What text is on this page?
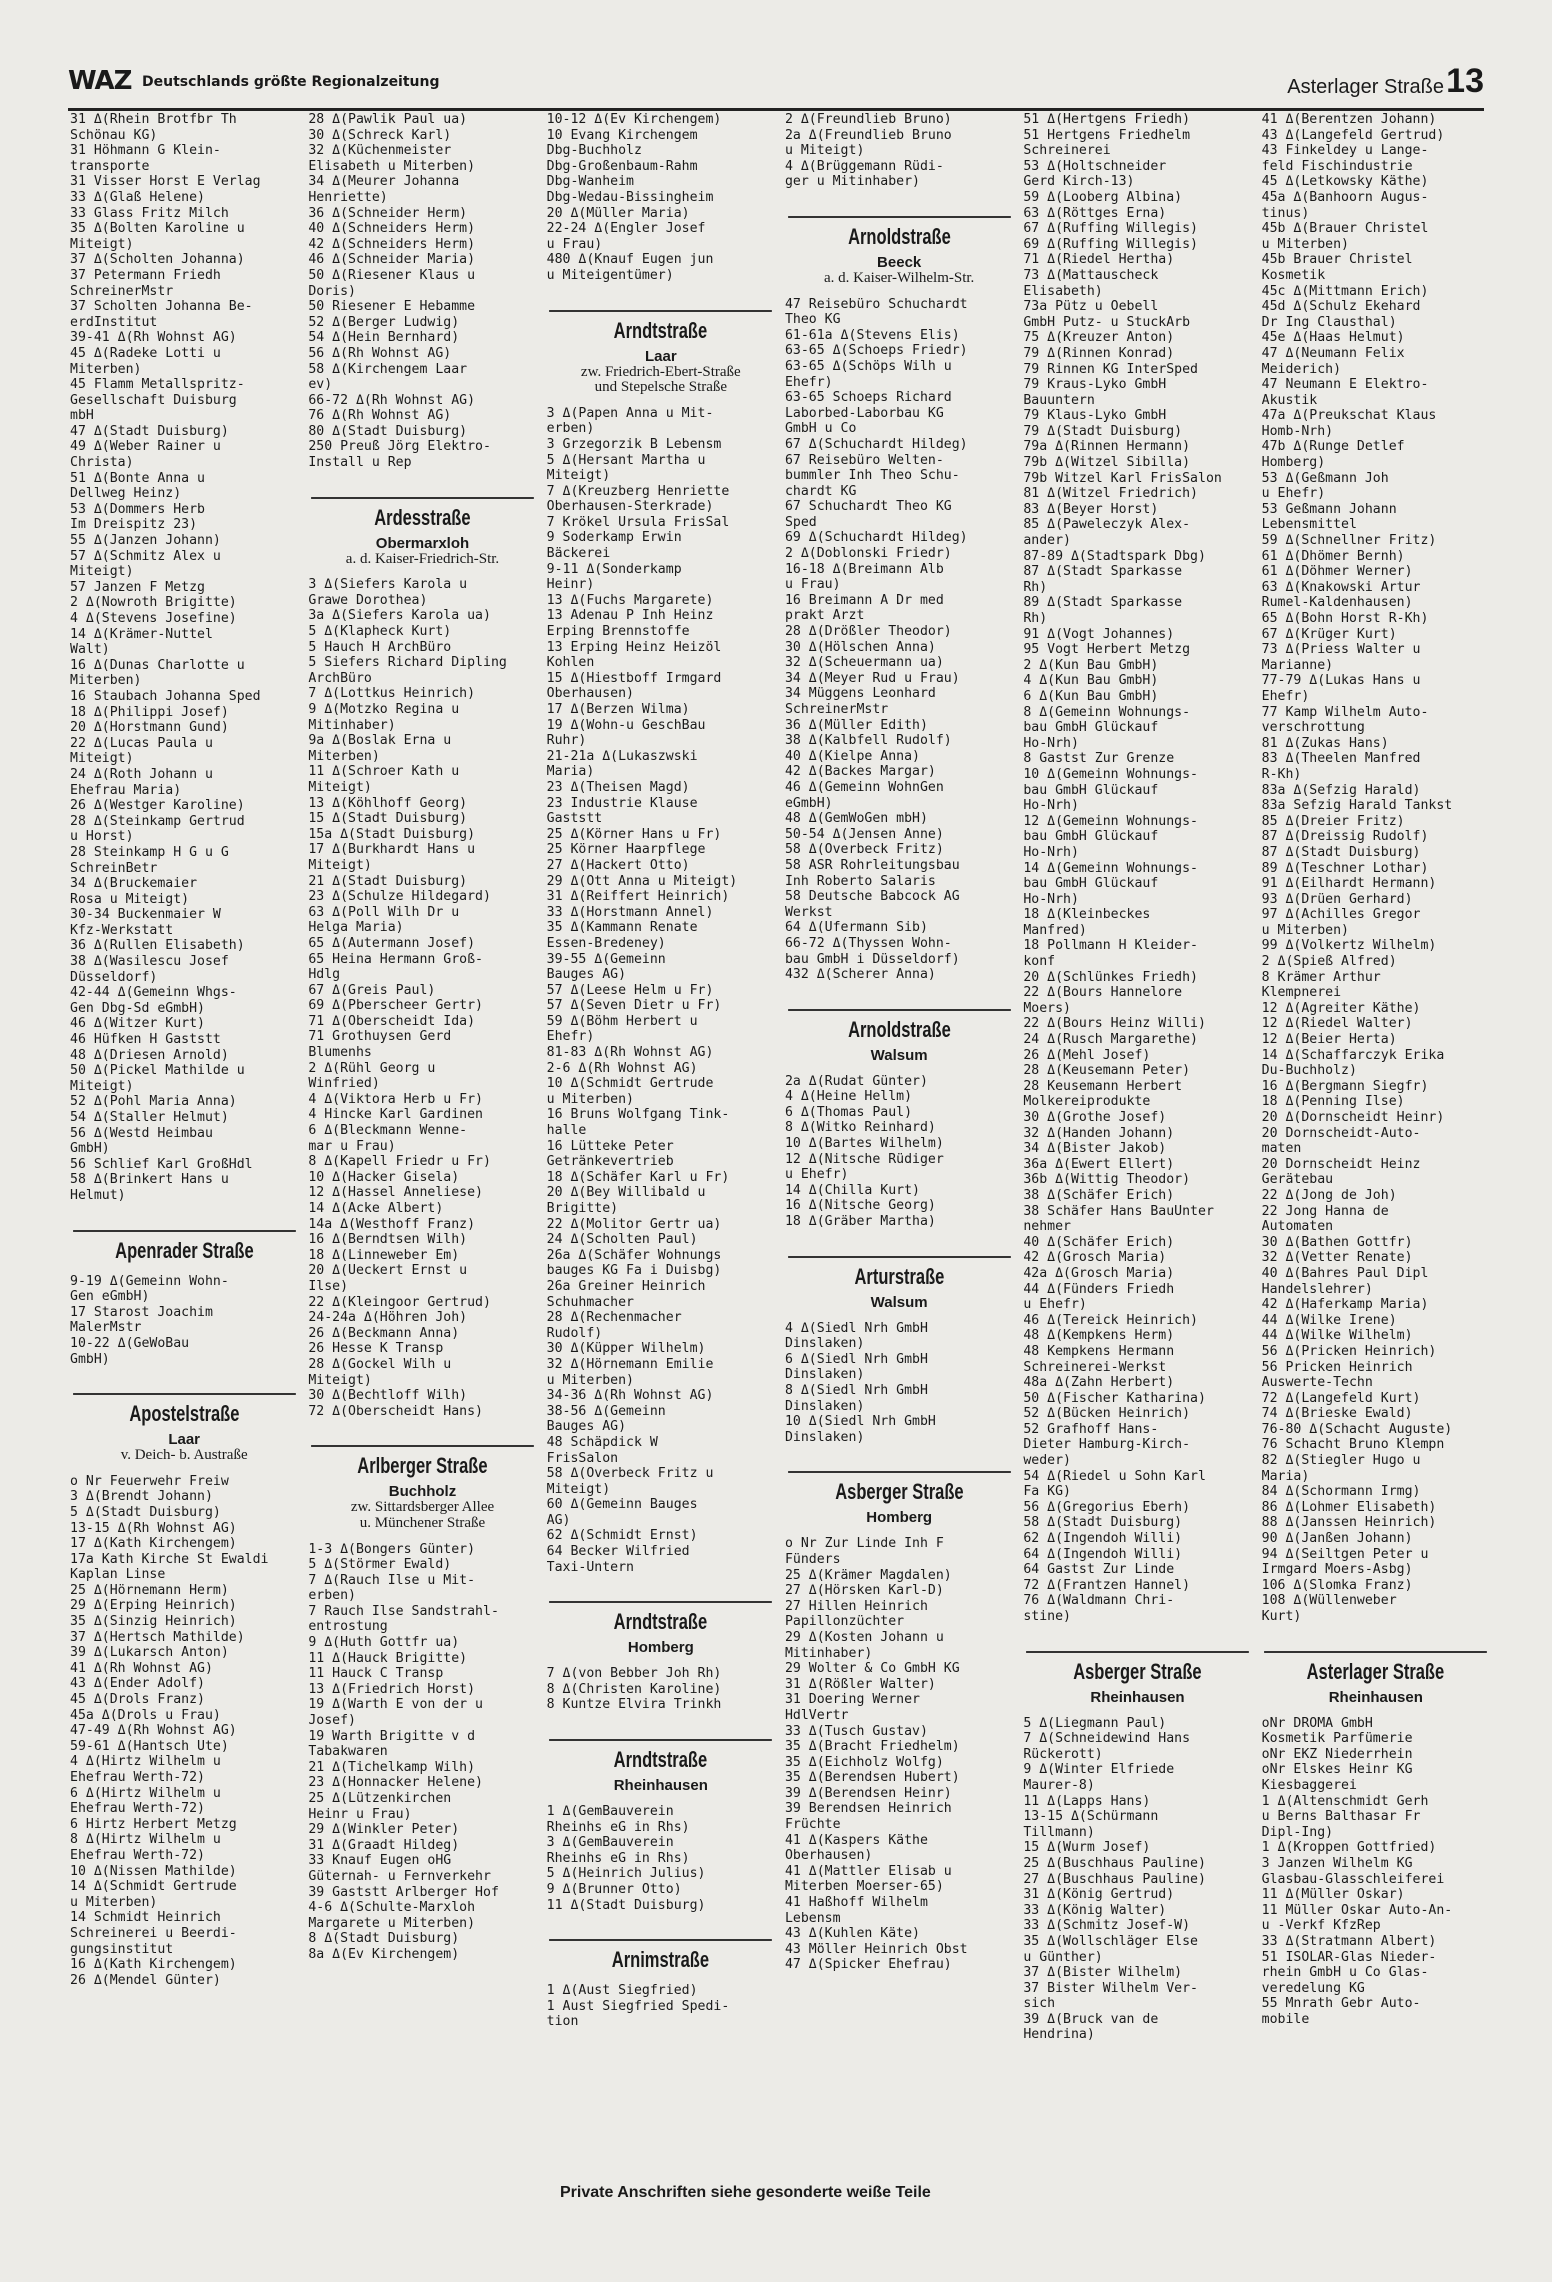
WAZ Deutschlands größte Regionalzeitung	Asterlager Straße 13
31 Δ(Rhein Brotfbr Th
Schönau KG)
31 Höhmann G Klein-
transporte
31 Visser Horst E Verlag
33 Δ(Glaß Helene)
33 Glass Fritz Milch
35 Δ(Bolten Karoline u
Miteigt)
37 Δ(Scholten Johanna)
37 Petermann Friedh
SchreinerMstr
37 Scholten Johanna Be-
erdInstitut
39-41 Δ(Rh Wohnst AG)
45 Δ(Radeke Lotti u
Miterben)
45 Flamm Metallspritz-
Gesellschaft Duisburg
mbH
47 Δ(Stadt Duisburg)
49 Δ(Weber Rainer u
Christa)
51 Δ(Bonte Anna u
Dellweg Heinz)
53 Δ(Dommers Herb
Im Dreispitz 23)
55 Δ(Janzen Johann)
57 Δ(Schmitz Alex u
Miteigt)
57 Janzen F Metzg
2 Δ(Nowroth Brigitte)
4 Δ(Stevens Josefine)
14 Δ(Krämer-Nuttel
Walt)
16 Δ(Dunas Charlotte u
Miterben)
16 Staubach Johanna Sped
18 Δ(Philippi Josef)
20 Δ(Horstmann Gund)
22 Δ(Lucas Paula u
Miteigt)
24 Δ(Roth Johann u
Ehefrau Maria)
26 Δ(Westger Karoline)
28 Δ(Steinkamp Gertrud
u Horst)
28 Steinkamp H G u G
SchreinBetr
34 Δ(Bruckemaier
Rosa u Miteigt)
30-34 Buckenmaier W
Kfz-Werkstatt
36 Δ(Rullen Elisabeth)
38 Δ(Wasilescu Josef
Düsseldorf)
42-44 Δ(Gemeinn Whgs-
Gen Dbg-Sd eGmbH)
46 Δ(Witzer Kurt)
46 Hüfken H Gaststt
48 Δ(Driesen Arnold)
50 Δ(Pickel Mathilde u
Miteigt)
52 Δ(Pohl Maria Anna)
54 Δ(Staller Helmut)
56 Δ(Westd Heimbau
GmbH)
56 Schlief Karl GroßHdl
58 Δ(Brinkert Hans u
Helmut)
Apenrader Straße
9-19 Δ(Gemeinn Wohn-
Gen eGmbH)
17 Starost Joachim
MalerMstr
10-22 Δ(GeWoBau
GmbH)
Apostelstraße
Laar
v. Deich- b. Austraße
o Nr Feuerwehr Freiw
3 Δ(Brendt Johann)
5 Δ(Stadt Duisburg)
13-15 Δ(Rh Wohnst AG)
17 Δ(Kath Kirchengem)
17a Kath Kirche St Ewaldi
Kaplan Linse
25 Δ(Hörnemann Herm)
29 Δ(Erping Heinrich)
35 Δ(Sinzig Heinrich)
37 Δ(Hertsch Mathilde)
39 Δ(Lukarsch Anton)
41 Δ(Rh Wohnst AG)
43 Δ(Ender Adolf)
45 Δ(Drols Franz)
45a Δ(Drols u Frau)
47-49 Δ(Rh Wohnst AG)
59-61 Δ(Hantsch Ute)
4 Δ(Hirtz Wilhelm u
Ehefrau Werth-72)
6 Δ(Hirtz Wilhelm u
Ehefrau Werth-72)
6 Hirtz Herbert Metzg
8 Δ(Hirtz Wilhelm u
Ehefrau Werth-72)
10 Δ(Nissen Mathilde)
14 Δ(Schmidt Gertrude
u Miterben)
14 Schmidt Heinrich
Schreinerei u Beerdi-
gungsinstitut
16 Δ(Kath Kirchengem)
26 Δ(Mendel Günter)
28 Δ(Pawlik Paul ua)
30 Δ(Schreck Karl)
32 Δ(Küchenmeister
Elisabeth u Miterben)
34 Δ(Meurer Johanna
Henriette)
36 Δ(Schneider Herm)
40 Δ(Schneiders Herm)
42 Δ(Schneiders Herm)
46 Δ(Schneider Maria)
50 Δ(Riesener Klaus u
Doris)
50 Riesener E Hebamme
52 Δ(Berger Ludwig)
54 Δ(Hein Bernhard)
56 Δ(Rh Wohnst AG)
58 Δ(Kirchengem Laar
ev)
66-72 Δ(Rh Wohnst AG)
76 Δ(Rh Wohnst AG)
80 Δ(Stadt Duisburg)
250 Preuß Jörg Elektro-
Install u Rep
Ardesstraße
Obermarxloh
a. d. Kaiser-Friedrich-Str.
3 Δ(Siefers Karola u
Grawe Dorothea)
3a Δ(Siefers Karola ua)
5 Δ(Klapheck Kurt)
5 Hauch H ArchBüro
5 Siefers Richard Dipling
ArchBüro
7 Δ(Lottkus Heinrich)
9 Δ(Motzko Regina u
Mitinhaber)
9a Δ(Boslak Erna u
Miterben)
11 Δ(Schroer Kath u
Miteigt)
13 Δ(Köhlhoff Georg)
15 Δ(Stadt Duisburg)
15a Δ(Stadt Duisburg)
17 Δ(Burkhardt Hans u
Miteigt)
21 Δ(Stadt Duisburg)
23 Δ(Schulze Hildegard)
63 Δ(Poll Wilh Dr u
Helga Maria)
65 Δ(Autermann Josef)
65 Heina Hermann Groß-
Hdlg
67 Δ(Greis Paul)
69 Δ(Pberscheer Gertr)
71 Δ(Oberscheidt Ida)
71 Grothuysen Gerd
Blumenhs
2 Δ(Rühl Georg u
Winfried)
4 Δ(Viktora Herb u Fr)
4 Hincke Karl Gardinen
6 Δ(Bleckmann Wenne-
mar u Frau)
8 Δ(Kapell Friedr u Fr)
10 Δ(Hacker Gisela)
12 Δ(Hassel Anneliese)
14 Δ(Acke Albert)
14a Δ(Westhoff Franz)
16 Δ(Berndtsen Wilh)
18 Δ(Linneweber Em)
20 Δ(Ueckert Ernst u
Ilse)
22 Δ(Kleingoor Gertrud)
24-24a Δ(Höhren Joh)
26 Δ(Beckmann Anna)
26 Hesse K Transp
28 Δ(Gockel Wilh u
Miteigt)
30 Δ(Bechtloff Wilh)
72 Δ(Oberscheidt Hans)
Arlberger Straße
Buchholz
zw. Sittardsberger Allee
u. Münchener Straße
1-3 Δ(Bongers Günter)
5 Δ(Störmer Ewald)
7 Δ(Rauch Ilse u Mit-
erben)
7 Rauch Ilse Sandstrahl-
entrostung
9 Δ(Huth Gottfr ua)
11 Δ(Hauck Brigitte)
11 Hauck C Transp
13 Δ(Friedrich Horst)
19 Δ(Warth E von der u
Josef)
19 Warth Brigitte v d
Tabakwaren
21 Δ(Tichelkamp Wilh)
23 Δ(Honnacker Helene)
25 Δ(Lützenkirchen
Heinr u Frau)
29 Δ(Winkler Peter)
31 Δ(Graadt Hildeg)
33 Knauf Eugen oHG
Güternah- u Fernverkehr
39 Gaststt Arlberger Hof
4-6 Δ(Schulte-Marxloh
Margarete u Miterben)
8 Δ(Stadt Duisburg)
8a Δ(Ev Kirchengem)
10-12 Δ(Ev Kirchengem)
10 Evang Kirchengem
Dbg-Buchholz
Dbg-Großenbaum-Rahm
Dbg-Wanheim
Dbg-Wedau-Bissingheim
20 Δ(Müller Maria)
22-24 Δ(Engler Josef
u Frau)
480 Δ(Knauf Eugen jun
u Miteigentümer)
Arndtstraße
Laar
zw. Friedrich-Ebert-Straße
und Stepelsche Straße
3 Δ(Papen Anna u Mit-
erben)
3 Grzegorzik B Lebensm
5 Δ(Hersant Martha u
Miteigt)
7 Δ(Kreuzberg Henriette
Oberhausen-Sterkrade)
7 Krökel Ursula FrisSal
9 Soderkamp Erwin
Bäckerei
9-11 Δ(Sonderkamp
Heinr)
13 Δ(Fuchs Margarete)
13 Adenau P Inh Heinz
Erping Brennstoffe
13 Erping Heinz Heizöl
Kohlen
15 Δ(Hiestboff Irmgard
Oberhausen)
17 Δ(Berzen Wilma)
19 Δ(Wohn-u GeschBau
Ruhr)
21-21a Δ(Lukaszwski
Maria)
23 Δ(Theisen Magd)
23 Industrie Klause
Gaststt
25 Δ(Körner Hans u Fr)
25 Körner Haarpflege
27 Δ(Hackert Otto)
29 Δ(Ott Anna u Miteigt)
31 Δ(Reiffert Heinrich)
33 Δ(Horstmann Annel)
35 Δ(Kammann Renate
Essen-Bredeney)
39-55 Δ(Gemeinn
Bauges AG)
57 Δ(Leese Helm u Fr)
57 Δ(Seven Dietr u Fr)
59 Δ(Böhm Herbert u
Ehefr)
81-83 Δ(Rh Wohnst AG)
2-6 Δ(Rh Wohnst AG)
10 Δ(Schmidt Gertrude
u Miterben)
16 Bruns Wolfgang Tink-
halle
16 Lütteke Peter
Getränkevertrieb
18 Δ(Schäfer Karl u Fr)
20 Δ(Bey Willibald u
Brigitte)
22 Δ(Molitor Gertr ua)
24 Δ(Scholten Paul)
26a Δ(Schäfer Wohnungs
bauges KG Fa i Duisbg)
26a Greiner Heinrich
Schuhmacher
28 Δ(Rechenmacher
Rudolf)
30 Δ(Küpper Wilhelm)
32 Δ(Hörnemann Emilie
u Miterben)
34-36 Δ(Rh Wohnst AG)
38-56 Δ(Gemeinn
Bauges AG)
48 Schäpdick W
FrisSalon
58 Δ(Overbeck Fritz u
Miteigt)
60 Δ(Gemeinn Bauges
AG)
62 Δ(Schmidt Ernst)
64 Becker Wilfried
Taxi-Untern
Arndtstraße
Homberg
7 Δ(von Bebber Joh Rh)
8 Δ(Christen Karoline)
8 Kuntze Elvira Trinkh
Arndtstraße
Rheinhausen
1 Δ(GemBauverein
Rheinhs eG in Rhs)
3 Δ(GemBauverein
Rheinhs eG in Rhs)
5 Δ(Heinrich Julius)
9 Δ(Brunner Otto)
11 Δ(Stadt Duisburg)
Arnimstraße
1 Δ(Aust Siegfried)
1 Aust Siegfried Spedi-
tion
2 Δ(Freundlieb Bruno)
2a Δ(Freundlieb Bruno
u Miteigt)
4 Δ(Brüggemann Rüdi-
ger u Mitinhaber)
Arnoldstraße
Beeck
a. d. Kaiser-Wilhelm-Str.
47 Reisebüro Schuchardt
Theo KG
61-61a Δ(Stevens Elis)
63-65 Δ(Schoeps Friedr)
63-65 Δ(Schöps Wilh u
Ehefr)
63-65 Schoeps Richard
Laborbed-Laborbau KG
GmbH u Co
67 Δ(Schuchardt Hildeg)
67 Reisebüro Welten-
bummler Inh Theo Schu-
chardt KG
67 Schuchardt Theo KG
Sped
69 Δ(Schuchardt Hildeg)
2 Δ(Doblonski Friedr)
16-18 Δ(Breimann Alb
u Frau)
16 Breimann A Dr med
prakt Arzt
28 Δ(Drößler Theodor)
30 Δ(Hölschen Anna)
32 Δ(Scheuermann ua)
34 Δ(Meyer Rud u Frau)
34 Müggens Leonhard
SchreinerMstr
36 Δ(Müller Edith)
38 Δ(Kalbfell Rudolf)
40 Δ(Kielpe Anna)
42 Δ(Backes Margar)
46 Δ(Gemeinn WohnGen
eGmbH)
48 Δ(GemWoGen mbH)
50-54 Δ(Jensen Anne)
58 Δ(Overbeck Fritz)
58 ASR Rohrleitungsbau
Inh Roberto Salaris
58 Deutsche Babcock AG
Werkst
64 Δ(Ufermann Sib)
66-72 Δ(Thyssen Wohn-
bau GmbH i Düsseldorf)
432 Δ(Scherer Anna)
Arnoldstraße
Walsum
2a Δ(Rudat Günter)
4 Δ(Heine Hellm)
6 Δ(Thomas Paul)
8 Δ(Witko Reinhard)
10 Δ(Bartes Wilhelm)
12 Δ(Nitsche Rüdiger
u Ehefr)
14 Δ(Chilla Kurt)
16 Δ(Nitsche Georg)
18 Δ(Gräber Martha)
Arturstraße
Walsum
4 Δ(Siedl Nrh GmbH
Dinslaken)
6 Δ(Siedl Nrh GmbH
Dinslaken)
8 Δ(Siedl Nrh GmbH
Dinslaken)
10 Δ(Siedl Nrh GmbH
Dinslaken)
Asberger Straße
Homberg
o Nr Zur Linde Inh F
Fünders
25 Δ(Krämer Magdalen)
27 Δ(Hörsken Karl-D)
27 Hillen Heinrich
Papillonzüchter
29 Δ(Kosten Johann u
Mitinhaber)
29 Wolter & Co GmbH KG
31 Δ(Rößler Walter)
31 Doering Werner
HdlVertr
33 Δ(Tusch Gustav)
35 Δ(Bracht Friedhelm)
35 Δ(Eichholz Wolfg)
35 Δ(Berendsen Hubert)
39 Δ(Berendsen Heinr)
39 Berendsen Heinrich
Früchte
41 Δ(Kaspers Käthe
Oberhausen)
41 Δ(Mattler Elisab u
Miterben Moerser-65)
41 Haßhoff Wilhelm
Lebensm
43 Δ(Kuhlen Käte)
43 Möller Heinrich Obst
47 Δ(Spicker Ehefrau)
51 Δ(Hertgens Friedh)
51 Hertgens Friedhelm
Schreinerei
53 Δ(Holtschneider
Gerd Kirch-13)
59 Δ(Looberg Albina)
63 Δ(Röttges Erna)
67 Δ(Ruffing Willegis)
69 Δ(Ruffing Willegis)
71 Δ(Riedel Hertha)
73 Δ(Mattauscheck
Elisabeth)
73a Pütz u Oebell
GmbH Putz- u StuckArb
75 Δ(Kreuzer Anton)
79 Δ(Rinnen Konrad)
79 Rinnen KG InterSped
79 Kraus-Lyko GmbH
Bauuntern
79 Klaus-Lyko GmbH
79 Δ(Stadt Duisburg)
79a Δ(Rinnen Hermann)
79b Δ(Witzel Sibilla)
79b Witzel Karl FrisSalon
81 Δ(Witzel Friedrich)
83 Δ(Beyer Horst)
85 Δ(Paweleczyk Alex-
ander)
87-89 Δ(Stadtspark Dbg)
87 Δ(Stadt Sparkasse
Rh)
89 Δ(Stadt Sparkasse
Rh)
91 Δ(Vogt Johannes)
95 Vogt Herbert Metzg
2 Δ(Kun Bau GmbH)
4 Δ(Kun Bau GmbH)
6 Δ(Kun Bau GmbH)
8 Δ(Gemeinn Wohnungs-
bau GmbH Glückauf
Ho-Nrh)
8 Gastst Zur Grenze
10 Δ(Gemeinn Wohnungs-
bau GmbH Glückauf
Ho-Nrh)
12 Δ(Gemeinn Wohnungs-
bau GmbH Glückauf
Ho-Nrh)
14 Δ(Gemeinn Wohnungs-
bau GmbH Glückauf
Ho-Nrh)
18 Δ(Kleinbeckes
Manfred)
18 Pollmann H Kleider-
konf
20 Δ(Schlünkes Friedh)
22 Δ(Bours Hannelore
Moers)
22 Δ(Bours Heinz Willi)
24 Δ(Rusch Margarethe)
26 Δ(Mehl Josef)
28 Δ(Keusemann Peter)
28 Keusemann Herbert
Molkereiprodukte
30 Δ(Grothe Josef)
32 Δ(Handen Johann)
34 Δ(Bister Jakob)
36a Δ(Ewert Ellert)
36b Δ(Wittig Theodor)
38 Δ(Schäfer Erich)
38 Schäfer Hans BauUnter
nehmer
40 Δ(Schäfer Erich)
42 Δ(Grosch Maria)
42a Δ(Grosch Maria)
44 Δ(Fünders Friedh
u Ehefr)
46 Δ(Tereick Heinrich)
48 Δ(Kempkens Herm)
48 Kempkens Hermann
Schreinerei-Werkst
48a Δ(Zahn Herbert)
50 Δ(Fischer Katharina)
52 Δ(Bücken Heinrich)
52 Grafhoff Hans-
Dieter Hamburg-Kirch-
weder)
54 Δ(Riedel u Sohn Karl
Fa KG)
56 Δ(Gregorius Eberh)
58 Δ(Stadt Duisburg)
62 Δ(Ingendoh Willi)
64 Δ(Ingendoh Willi)
64 Gastst Zur Linde
72 Δ(Frantzen Hannel)
76 Δ(Waldmann Chri-
stine)
Asberger Straße
Rheinhausen
5 Δ(Liegmann Paul)
7 Δ(Schneidewind Hans
Rückerott)
9 Δ(Winter Elfriede
Maurer-8)
11 Δ(Lapps Hans)
13-15 Δ(Schürmann
Tillmann)
15 Δ(Wurm Josef)
25 Δ(Buschhaus Pauline)
27 Δ(Buschhaus Pauline)
31 Δ(König Gertrud)
33 Δ(König Walter)
33 Δ(Schmitz Josef-W)
35 Δ(Wollschläger Else
u Günther)
37 Δ(Bister Wilhelm)
37 Bister Wilhelm Ver-
sich
39 Δ(Bruck van de
Hendrina)
41 Δ(Berentzen Johann)
43 Δ(Langefeld Gertrud)
43 Finkeldey u Lange-
feld Fischindustrie
45 Δ(Letkowsky Käthe)
45a Δ(Banhoorn Augus-
tinus)
45b Δ(Brauer Christel
u Miterben)
45b Brauer Christel
Kosmetik
45c Δ(Mittmann Erich)
45d Δ(Schulz Ekehard
Dr Ing Clausthal)
45e Δ(Haas Helmut)
47 Δ(Neumann Felix
Meiderich)
47 Neumann E Elektro-
Akustik
47a Δ(Preukschat Klaus
Homb-Nrh)
47b Δ(Runge Detlef
Homberg)
53 Δ(Geßmann Joh
u Ehefr)
53 Geßmann Johann
Lebensmittel
59 Δ(Schnellner Fritz)
61 Δ(Dhömer Bernh)
61 Δ(Döhmer Werner)
63 Δ(Knakowski Artur
Rumel-Kaldenhausen)
65 Δ(Bohn Horst R-Kh)
67 Δ(Krüger Kurt)
73 Δ(Priess Walter u
Marianne)
77-79 Δ(Lukas Hans u
Ehefr)
77 Kamp Wilhelm Auto-
verschrottung
81 Δ(Zukas Hans)
83 Δ(Theelen Manfred
R-Kh)
83a Δ(Sefzig Harald)
83a Sefzig Harald Tankst
85 Δ(Dreier Fritz)
87 Δ(Dreissig Rudolf)
87 Δ(Stadt Duisburg)
89 Δ(Teschner Lothar)
91 Δ(Eilhardt Hermann)
93 Δ(Drüen Gerhard)
97 Δ(Achilles Gregor
u Miterben)
99 Δ(Volkertz Wilhelm)
2 Δ(Spieß Alfred)
8 Krämer Arthur
Klempnerei
12 Δ(Agreiter Käthe)
12 Δ(Riedel Walter)
12 Δ(Beier Herta)
14 Δ(Schaffarczyk Erika
Du-Buchholz)
16 Δ(Bergmann Siegfr)
18 Δ(Penning Ilse)
20 Δ(Dornscheidt Heinr)
20 Dornscheidt-Auto-
maten
20 Dornscheidt Heinz
Gerätebau
22 Δ(Jong de Joh)
22 Jong Hanna de
Automaten
30 Δ(Bathen Gottfr)
32 Δ(Vetter Renate)
40 Δ(Bahres Paul Dipl
Handelslehrer)
42 Δ(Haferkamp Maria)
44 Δ(Wilke Irene)
44 Δ(Wilke Wilhelm)
56 Δ(Pricken Heinrich)
56 Pricken Heinrich
Auswerte-Techn
72 Δ(Langefeld Kurt)
74 Δ(Brieske Ewald)
76-80 Δ(Schacht Auguste)
76 Schacht Bruno Klempn
82 Δ(Stiegler Hugo u
Maria)
84 Δ(Schormann Irmg)
86 Δ(Lohmer Elisabeth)
88 Δ(Janssen Heinrich)
90 Δ(Janßen Johann)
94 Δ(Seiltgen Peter u
Irmgard Moers-Asbg)
106 Δ(Slomka Franz)
108 Δ(Wüllenweber
Kurt)
Asterlager Straße
Rheinhausen
oNr DROMA GmbH
Kosmetik Parfümerie
oNr EKZ Niederrhein
oNr Elskes Heinr KG
Kiesbaggerei
1 Δ(Altenschmidt Gerh
u Berns Balthasar Fr
Dipl-Ing)
1 Δ(Kroppen Gottfried)
3 Janzen Wilhelm KG
Glasbau-Glasschleiferei
11 Δ(Müller Oskar)
11 Müller Oskar Auto-An-
u -Verkf KfzRep
33 Δ(Stratmann Albert)
51 ISOLAR-Glas Nieder-
rhein GmbH u Co Glas-
veredelung KG
55 Mnrath Gebr Auto-
mobile
Private Anschriften siehe gesonderte weiße Teile
